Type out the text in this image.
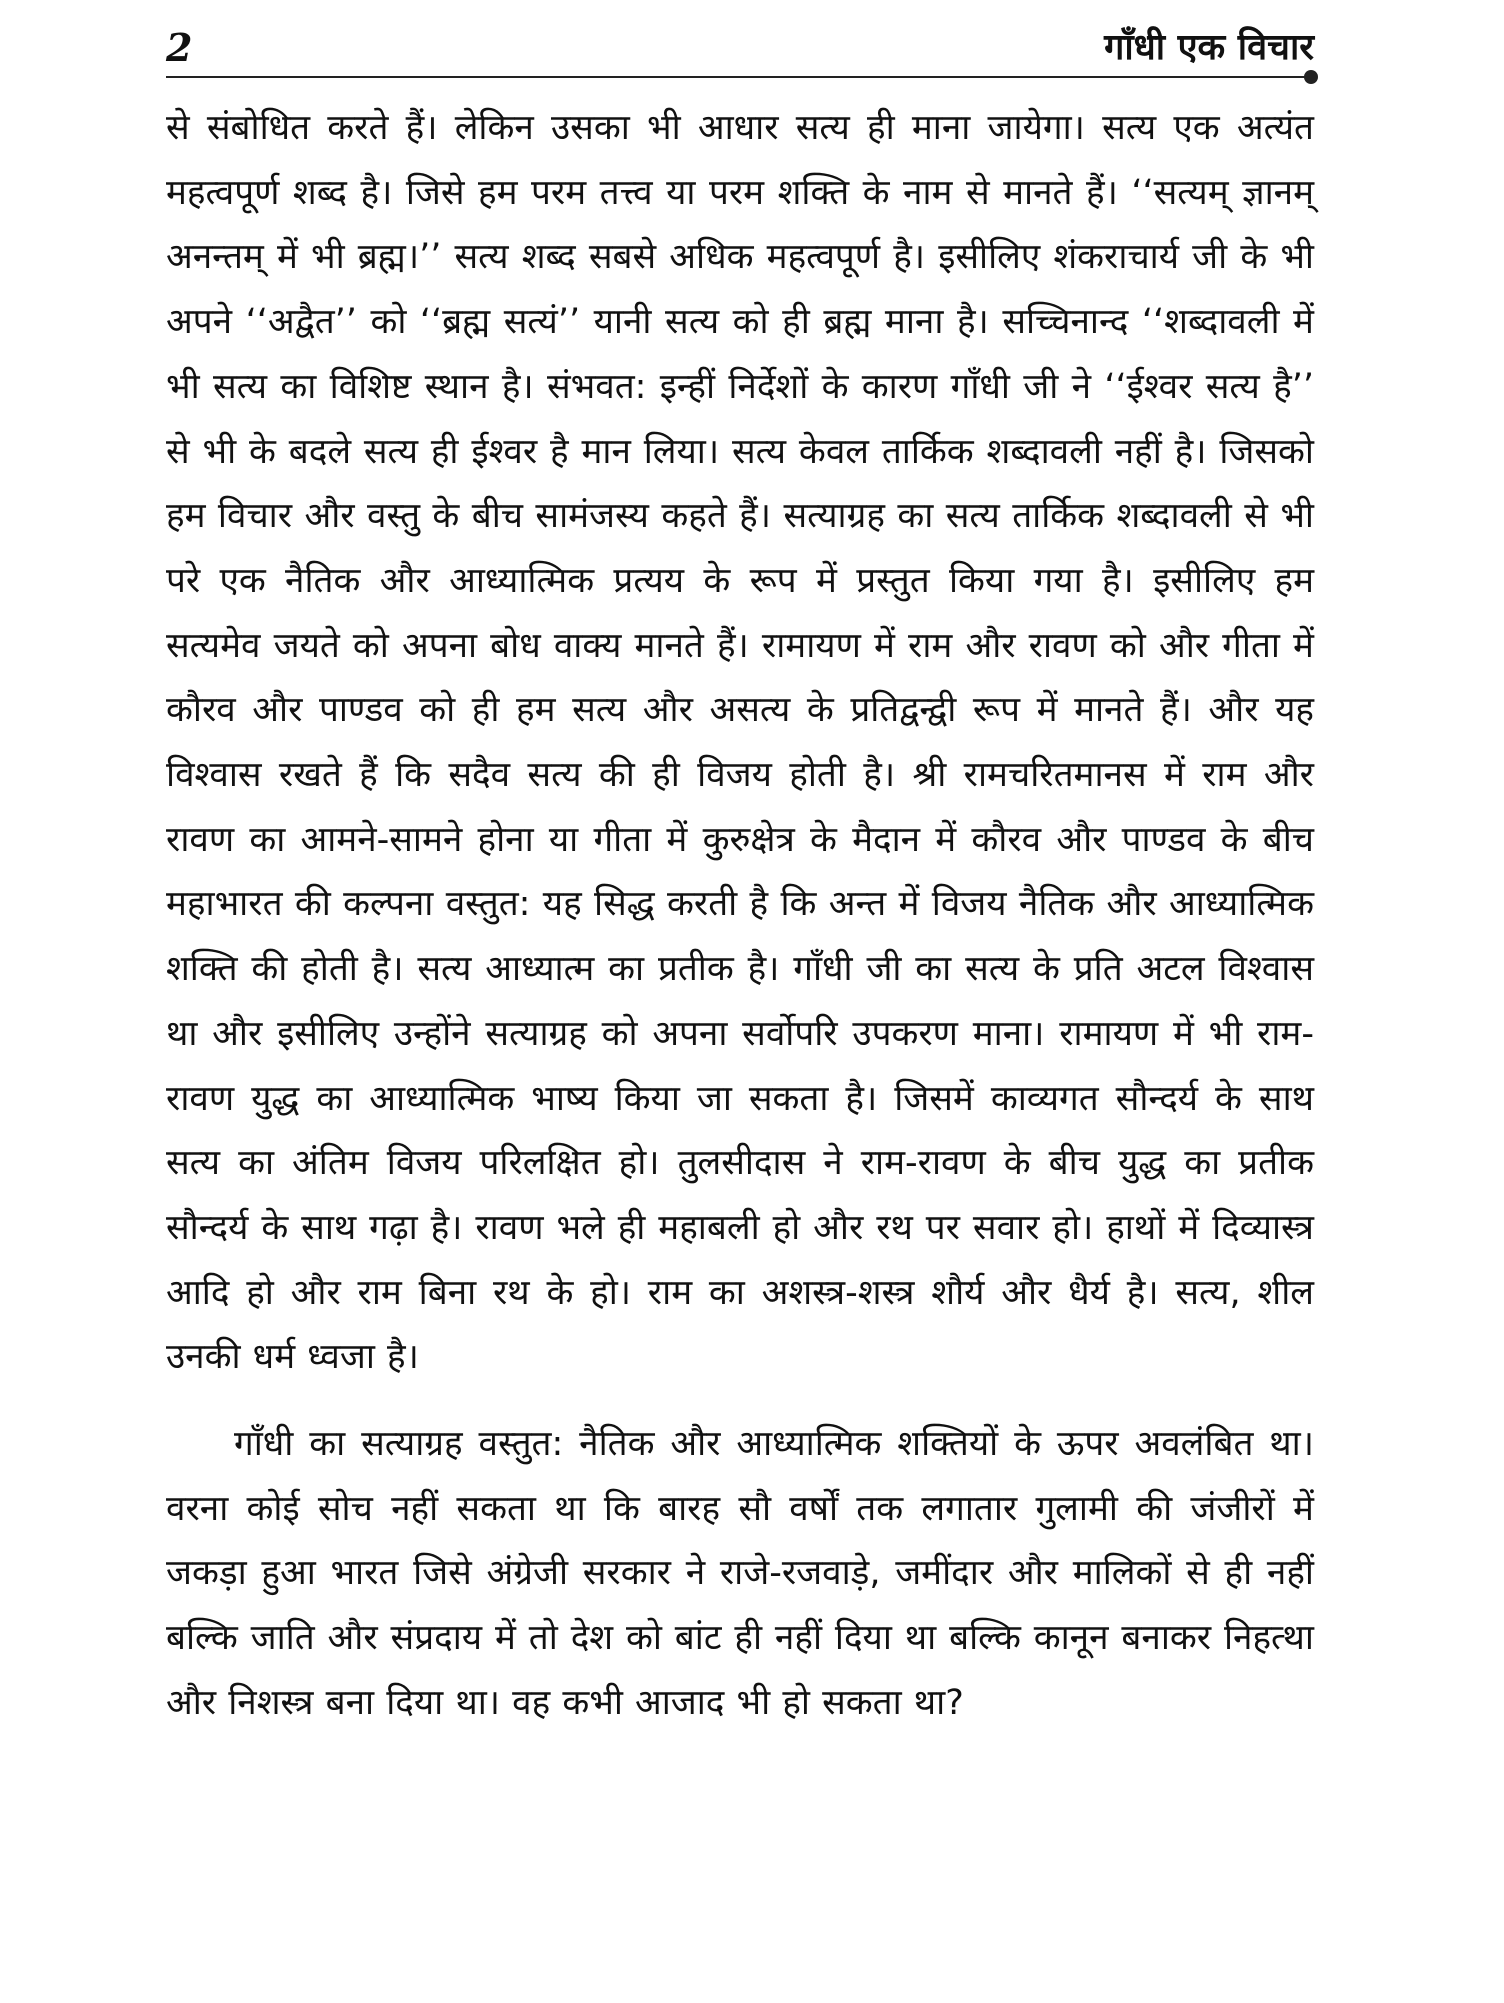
2	गाँधी एक विचार

से संबोधित करते हैं। लेकिन उसका भी आधार सत्य ही माना जायेगा। सत्य एक अत्यंत महत्वपूर्ण शब्द है। जिसे हम परम तत्त्व या परम शक्ति के नाम से मानते हैं। ‘‘सत्यम् ज्ञानम् अनन्तम् में भी ब्रह्म।’’ सत्य शब्द सबसे अधिक महत्वपूर्ण है। इसीलिए शंकराचार्य जी के भी अपने ‘‘अद्वैत’’ को ‘‘ब्रह्म सत्यं’’ यानी सत्य को ही ब्रह्म माना है। सच्चिनान्द ‘‘शब्दावली में भी सत्य का विशिष्ट स्थान है। संभवत: इन्हीं निर्देशों के कारण गाँधी जी ने ‘‘ईश्वर सत्य है’’ से भी के बदले सत्य ही ईश्वर है मान लिया। सत्य केवल तार्किक शब्दावली नहीं है। जिसको हम विचार और वस्तु के बीच सामंजस्य कहते हैं। सत्याग्रह का सत्य तार्किक शब्दावली से भी परे एक नैतिक और आध्यात्मिक प्रत्यय के रूप में प्रस्तुत किया गया है। इसीलिए हम सत्यमेव जयते को अपना बोध वाक्य मानते हैं। रामायण में राम और रावण को और गीता में कौरव और पाण्डव को ही हम सत्य और असत्य के प्रतिद्वन्द्वी रूप में मानते हैं। और यह विश्वास रखते हैं कि सदैव सत्य की ही विजय होती है। श्री रामचरितमानस में राम और रावण का आमने-सामने होना या गीता में कुरुक्षेत्र के मैदान में कौरव और पाण्डव के बीच महाभारत की कल्पना वस्तुत: यह सिद्ध करती है कि अन्त में विजय नैतिक और आध्यात्मिक शक्ति की होती है। सत्य आध्यात्म का प्रतीक है। गाँधी जी का सत्य के प्रति अटल विश्वास था और इसीलिए उन्होंने सत्याग्रह को अपना सर्वोपरि उपकरण माना। रामायण में भी राम-रावण युद्ध का आध्यात्मिक भाष्य किया जा सकता है। जिसमें काव्यगत सौन्दर्य के साथ सत्य का अंतिम विजय परिलक्षित हो। तुलसीदास ने राम-रावण के बीच युद्ध का प्रतीक सौन्दर्य के साथ गढ़ा है। रावण भले ही महाबली हो और रथ पर सवार हो। हाथों में दिव्यास्त्र आदि हो और राम बिना रथ के हो। राम का अशस्त्र-शस्त्र शौर्य और धैर्य है। सत्य, शील उनकी धर्म ध्वजा है।

गाँधी का सत्याग्रह वस्तुत: नैतिक और आध्यात्मिक शक्तियों के ऊपर अवलंबित था। वरना कोई सोच नहीं सकता था कि बारह सौ वर्षों तक लगातार गुलामी की जंजीरों में जकड़ा हुआ भारत जिसे अंग्रेजी सरकार ने राजे-रजवाड़े, जमींदार और मालिकों से ही नहीं बल्कि जाति और संप्रदाय में तो देश को बांट ही नहीं दिया था बल्कि कानून बनाकर निहत्था और निशस्त्र बना दिया था। वह कभी आजाद भी हो सकता था?
